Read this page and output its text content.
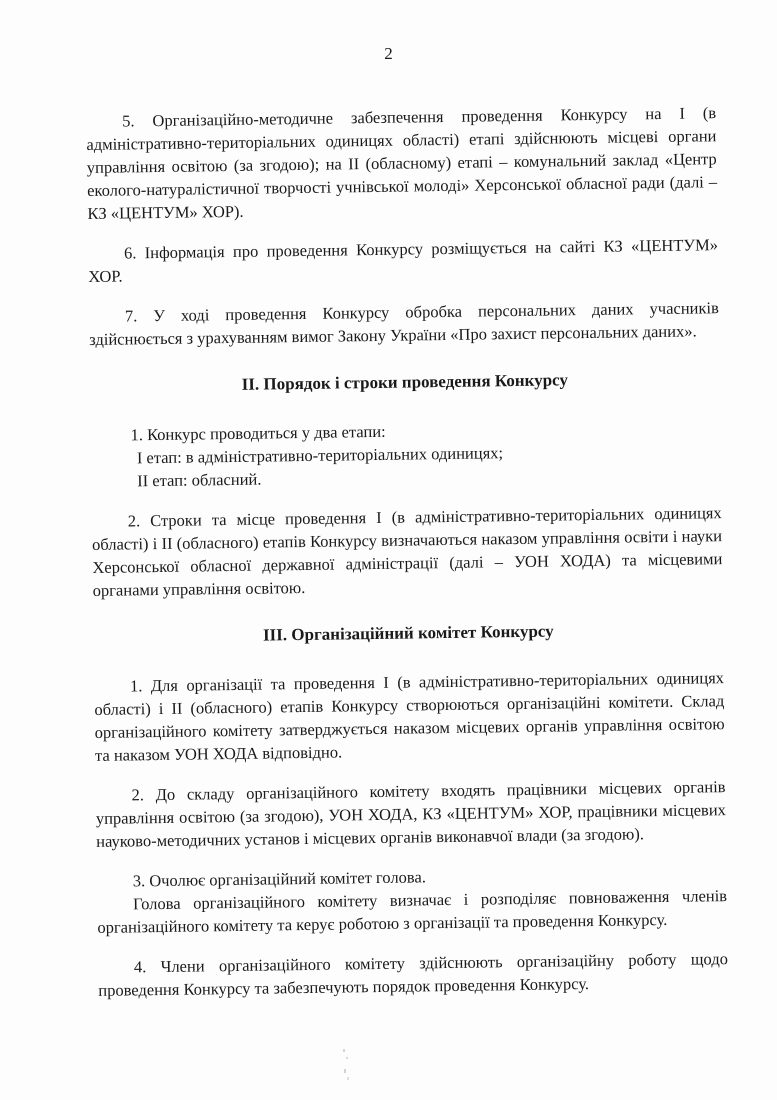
2

5. Організаційно-методичне забезпечення проведення Конкурсу на І (в адміністративно-територіальних одиницях області) етапі здійснюють місцеві органи управління освітою (за згодою); на ІІ (обласному) етапі – комунальний заклад «Центр еколого-натуралістичної творчості учнівської молоді» Херсонської обласної ради (далі – КЗ «ЦЕНТУМ» ХОР).

6. Інформація про проведення Конкурсу розміщується на сайті КЗ «ЦЕНТУМ» ХОР.

7. У ході проведення Конкурсу обробка персональних даних учасників здійснюється з урахуванням вимог Закону України «Про захист персональних даних».

ІІ. Порядок і строки проведення Конкурсу

1. Конкурс проводиться у два етапи:

І етап: в адміністративно-територіальних одиницях;

ІІ етап: обласний.

2. Строки та місце проведення І (в адміністративно-територіальних одиницях області) і ІІ (обласного) етапів Конкурсу визначаються наказом управління освіти і науки Херсонської обласної державної адміністрації (далі – УОН ХОДА) та місцевими органами управління освітою.

ІІІ. Організаційний комітет Конкурсу

1. Для організації та проведення І (в адміністративно-територіальних одиницях області) і ІІ (обласного) етапів Конкурсу створюються організаційні комітети. Склад організаційного комітету затверджується наказом місцевих органів управління освітою та наказом УОН ХОДА відповідно.

2. До складу організаційного комітету входять працівники місцевих органів управління освітою (за згодою), УОН ХОДА, КЗ «ЦЕНТУМ» ХОР, працівники місцевих науково-методичних установ і місцевих органів виконавчої влади (за згодою).

3. Очолює організаційний комітет голова.

Голова організаційного комітету визначає і розподіляє повноваження членів організаційного комітету та керує роботою з організації та проведення Конкурсу.

4. Члени організаційного комітету здійснюють організаційну роботу щодо проведення Конкурсу та забезпечують порядок проведення Конкурсу.
